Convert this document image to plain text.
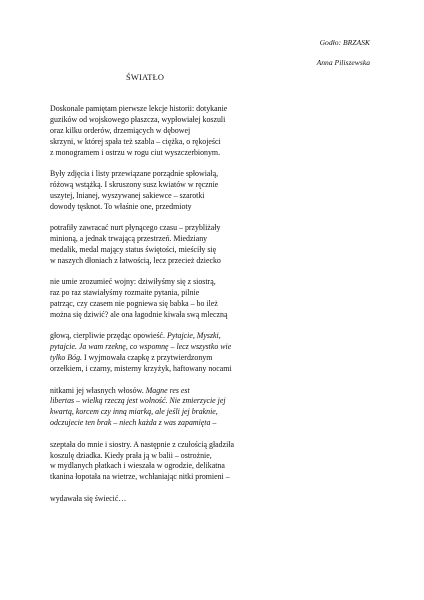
Godło: BRZASK
Anna Piliszewska
ŚWIATŁO
Doskonale pamiętam pierwsze lekcje historii: dotykanie
guzików od wojskowego płaszcza, wypłowiałej koszuli
oraz kilku orderów, drzemiących w dębowej
skrzyni, w której spała też szabla – ciężka, o rękojeści
z monogramem i ostrzu w rogu ciut wyszczerbionym.
Były zdjęcia i listy przewiązane porządnie spłowiałą,
różową wstążką. I skruszony susz kwiatów w ręcznie
uszytej, lnianej, wyszywanej sakiewce – szarotki
dowody tęsknot. To właśnie one, przedmioty
potrafiły zawracać nurt płynącego czasu – przybliżały
minioną, a jednak trwającą przestrzeń. Miedziany
medalik, medal mający status świętości, mieściły się
w naszych dłoniach z łatwością, lecz przecież dziecko
nie umie zrozumieć wojny: dziwiłyśmy się z siostrą,
raz po raz stawiałyśmy rozmaite pytania, pilnie
patrząc, czy czasem nie pogniewa się babka – bo ileż
można się dziwić? ale ona łagodnie kiwała swą mleczną
głową, cierpliwie przędąc opowieść. Pytajcie, Myszki,
pytajcie. Ja wam rzeknę, co wspomnę – lecz wszystko wie
tylko Bóg. I wyjmowała czapkę z przytwierdzonym
orzełkiem, i czarny, misterny krzyżyk, haftowany nocami
nitkami jej własnych włosów. Magne res est
libertas – wielką rzeczą jest wolność. Nie zmierzycie jej
kwartą, korcem czy inną miarką, ale jeśli jej braknie,
odczujecie ten brak – niech każda z was zapamięta –
szeptała do mnie i siostry. A następnie z czułością gładziła
koszulę dziadka. Kiedy prała ją w balii – ostrożnie,
w mydlanych płatkach i wieszała w ogrodzie, delikatna
tkanina łopotała na wietrze, wchłaniając nitki promieni –
wydawała się świecić…
